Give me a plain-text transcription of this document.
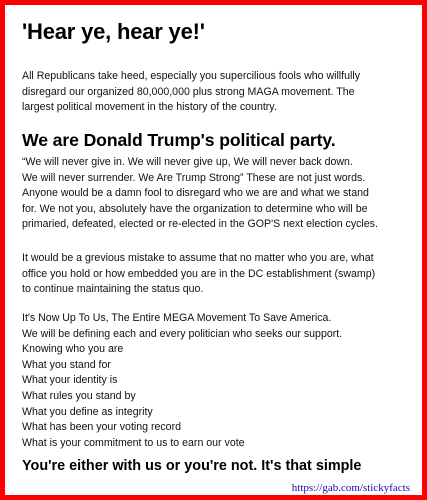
'Hear ye, hear ye!'
All Republicans take heed, especially you supercilious fools who willfully
disregard our organized 80,000,000 plus strong MAGA movement. The
largest political movement in the history of the country.
We are Donald Trump's political party.
“We will never give in. We will never give up, We will never back down.
We will never surrender. We Are Trump Strong” These are not just words.
Anyone would be a damn fool to disregard who we are and what we stand
for. We not you, absolutely have the organization to determine who will be
primaried, defeated, elected or re-elected in the GOP'S next election cycles.
It would be a grevious mistake to assume that no matter who you are, what
office you hold or how embedded you are in the DC establishment (swamp)
to continue maintaining the status quo.
It's Now Up To Us, The Entire MEGA Movement To Save America.
We will be defining each and every politician who seeks our support.
Knowing who you are
What you stand for
What your identity is
What rules you stand by
What you define as integrity
What has been your voting record
What is your commitment to us to earn our vote
You're either with us or you're not. It's that simple
https://gab.com/stickyfacts
